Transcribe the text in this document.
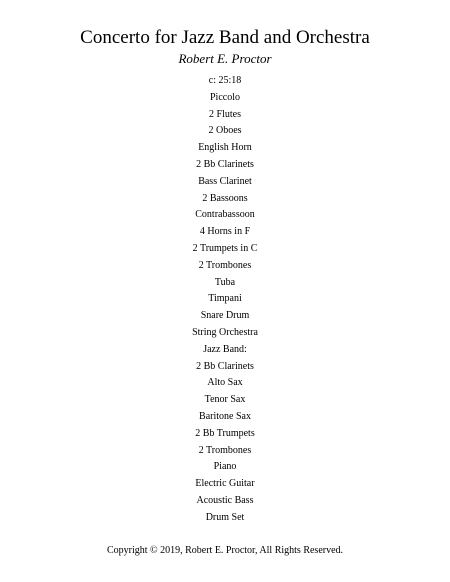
Concerto for Jazz Band and Orchestra
Robert E. Proctor
c: 25:18
Piccolo
2 Flutes
2 Oboes
English Horn
2 Bb Clarinets
Bass Clarinet
2 Bassoons
Contrabassoon
4 Horns in F
2 Trumpets in C
2 Trombones
Tuba
Timpani
Snare Drum
String Orchestra
Jazz Band:
2 Bb Clarinets
Alto Sax
Tenor Sax
Baritone Sax
2 Bb Trumpets
2 Trombones
Piano
Electric Guitar
Acoustic Bass
Drum Set
Copyright © 2019, Robert E. Proctor, All Rights Reserved.
